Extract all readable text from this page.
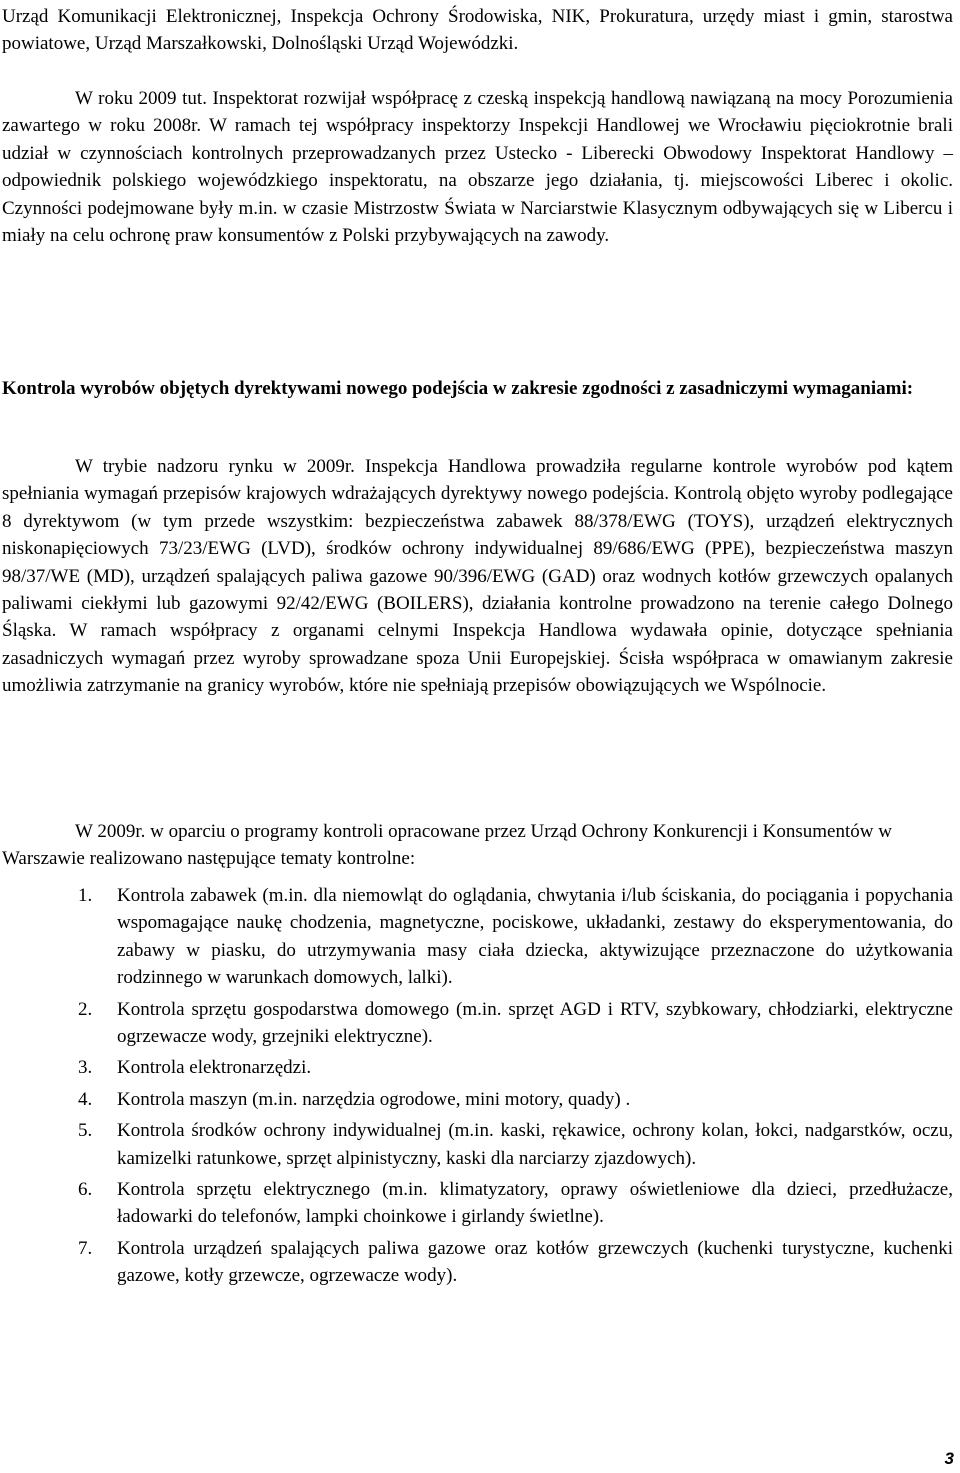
Urząd Komunikacji Elektronicznej, Inspekcja Ochrony Środowiska, NIK, Prokuratura, urzędy miast i gmin, starostwa powiatowe, Urząd Marszałkowski, Dolnośląski Urząd Wojewódzki.

W roku 2009 tut. Inspektorat rozwijał współpracę z czeską inspekcją handlową nawiązaną na mocy Porozumienia zawartego w roku 2008r. W ramach tej współpracy inspektorzy Inspekcji Handlowej we Wrocławiu pięciokrotnie brali udział w czynnościach kontrolnych przeprowadzanych przez Ustecko - Liberecki Obwodowy Inspektorat Handlowy – odpowiednik polskiego wojewódzkiego inspektoratu, na obszarze jego działania, tj. miejscowości Liberec i okolic. Czynności podejmowane były m.in. w czasie Mistrzostw Świata w Narciarstwie Klasycznym odbywających się w Libercu i miały na celu ochronę praw konsumentów z Polski przybywających na zawody.

Kontrola wyrobów objętych dyrektywami nowego podejścia w zakresie zgodności z zasadniczymi wymaganiami:

W trybie nadzoru rynku w 2009r. Inspekcja Handlowa prowadziła regularne kontrole wyrobów pod kątem spełniania wymagań przepisów krajowych wdrażających dyrektywy nowego podejścia. Kontrolą objęto wyroby podlegające 8 dyrektywom (w tym przede wszystkim: bezpieczeństwa zabawek 88/378/EWG (TOYS), urządzeń elektrycznych niskonapięciowych 73/23/EWG (LVD), środków ochrony indywidualnej 89/686/EWG (PPE), bezpieczeństwa maszyn 98/37/WE (MD), urządzeń spalających paliwa gazowe 90/396/EWG (GAD) oraz wodnych kotłów grzewczych opalanych paliwami ciekłymi lub gazowymi 92/42/EWG (BOILERS), działania kontrolne prowadzono na terenie całego Dolnego Śląska. W ramach współpracy z organami celnymi Inspekcja Handlowa wydawała opinie, dotyczące spełniania zasadniczych wymagań przez wyroby sprowadzane spoza Unii Europejskiej. Ścisła współpraca w omawianym zakresie umożliwia zatrzymanie na granicy wyrobów, które nie spełniają przepisów obowiązujących we Wspólnocie.

W 2009r. w oparciu o programy kontroli opracowane przez Urząd Ochrony Konkurencji i Konsumentów w Warszawie realizowano następujące tematy kontrolne:

1. Kontrola zabawek (m.in. dla niemowląt do oglądania, chwytania i/lub ściskania, do pociągania i popychania wspomagające naukę chodzenia, magnetyczne, pociskowe, układanki, zestawy do eksperymentowania, do zabawy w piasku, do utrzymywania masy ciała dziecka, aktywizujące przeznaczone do użytkowania rodzinnego w warunkach domowych, lalki).
2. Kontrola sprzętu gospodarstwa domowego (m.in. sprzęt AGD i RTV, szybkowary, chłodziarki, elektryczne ogrzewacze wody, grzejniki elektryczne).
3. Kontrola elektronarzędzi.
4. Kontrola maszyn (m.in. narzędzia ogrodowe, mini motory, quady) .
5. Kontrola środków ochrony indywidualnej (m.in. kaski, rękawice, ochrony kolan, łokci, nadgarstków, oczu, kamizelki ratunkowe, sprzęt alpinistyczny, kaski dla narciarzy zjazdowych).
6. Kontrola sprzętu elektrycznego (m.in. klimatyzatory, oprawy oświetleniowe dla dzieci, przedłużacze, ładowarki do telefonów, lampki choinkowe i girlandy świetlne).
7. Kontrola urządzeń spalających paliwa gazowe oraz kotłów grzewczych (kuchenki turystyczne, kuchenki gazowe, kotły grzewcze, ogrzewacze wody).
3
